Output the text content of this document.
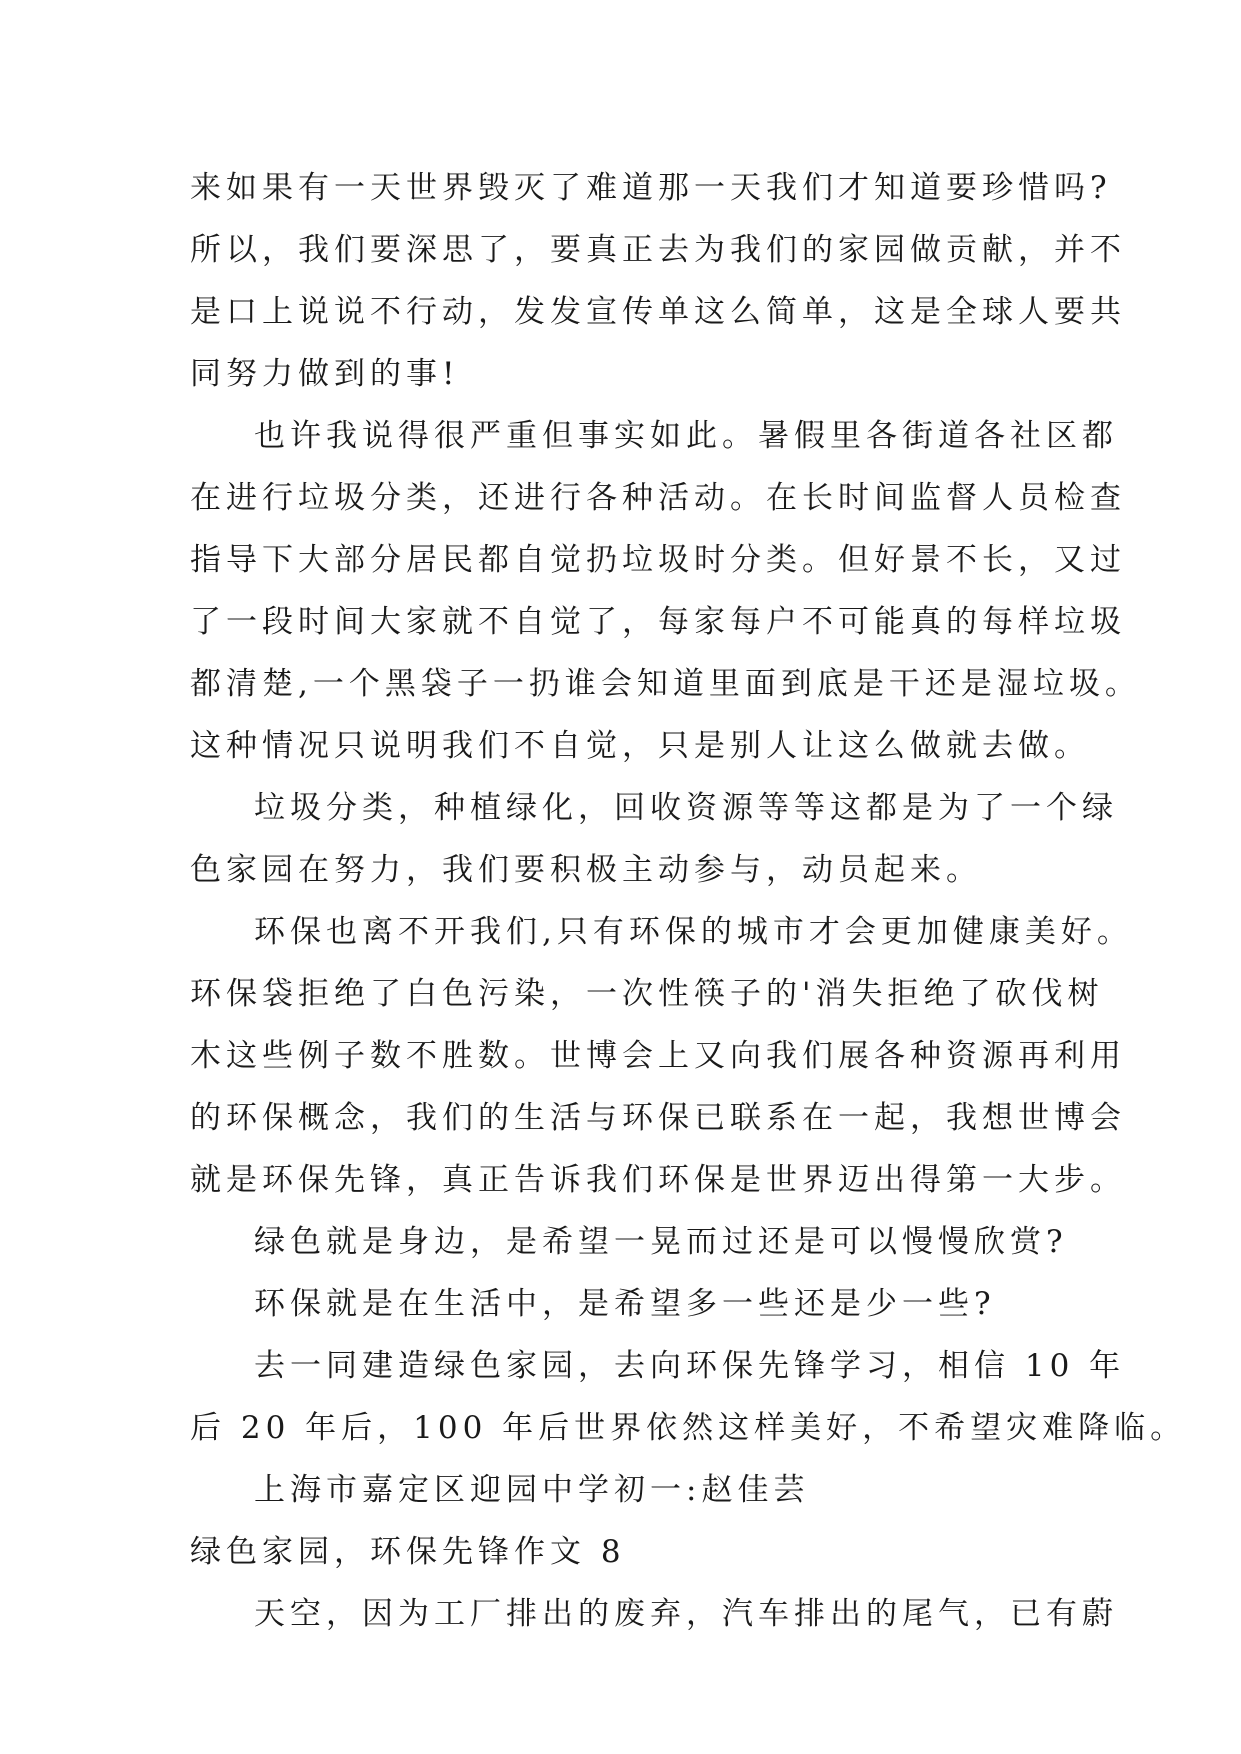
来如果有一天世界毁灭了难道那一天我们才知道要珍惜吗?
所以，我们要深思了，要真正去为我们的家园做贡献，并不
是口上说说不行动，发发宣传单这么简单，这是全球人要共
同努力做到的事!
也许我说得很严重但事实如此。暑假里各街道各社区都
在进行垃圾分类，还进行各种活动。在长时间监督人员检查
指导下大部分居民都自觉扔垃圾时分类。但好景不长，又过
了一段时间大家就不自觉了，每家每户不可能真的每样垃圾
都清楚,一个黑袋子一扔谁会知道里面到底是干还是湿垃圾。
这种情况只说明我们不自觉，只是别人让这么做就去做。
垃圾分类，种植绿化，回收资源等等这都是为了一个绿
色家园在努力，我们要积极主动参与，动员起来。
环保也离不开我们,只有环保的城市才会更加健康美好。
环保袋拒绝了白色污染，一次性筷子的'消失拒绝了砍伐树
木这些例子数不胜数。世博会上又向我们展各种资源再利用
的环保概念，我们的生活与环保已联系在一起，我想世博会
就是环保先锋，真正告诉我们环保是世界迈出得第一大步。
绿色就是身边，是希望一晃而过还是可以慢慢欣赏?
环保就是在生活中，是希望多一些还是少一些?
去一同建造绿色家园，去向环保先锋学习，相信 10 年
后 20 年后，100 年后世界依然这样美好，不希望灾难降临。
上海市嘉定区迎园中学初一:赵佳芸
绿色家园，环保先锋作文 8
天空，因为工厂排出的废弃，汽车排出的尾气，已有蔚
